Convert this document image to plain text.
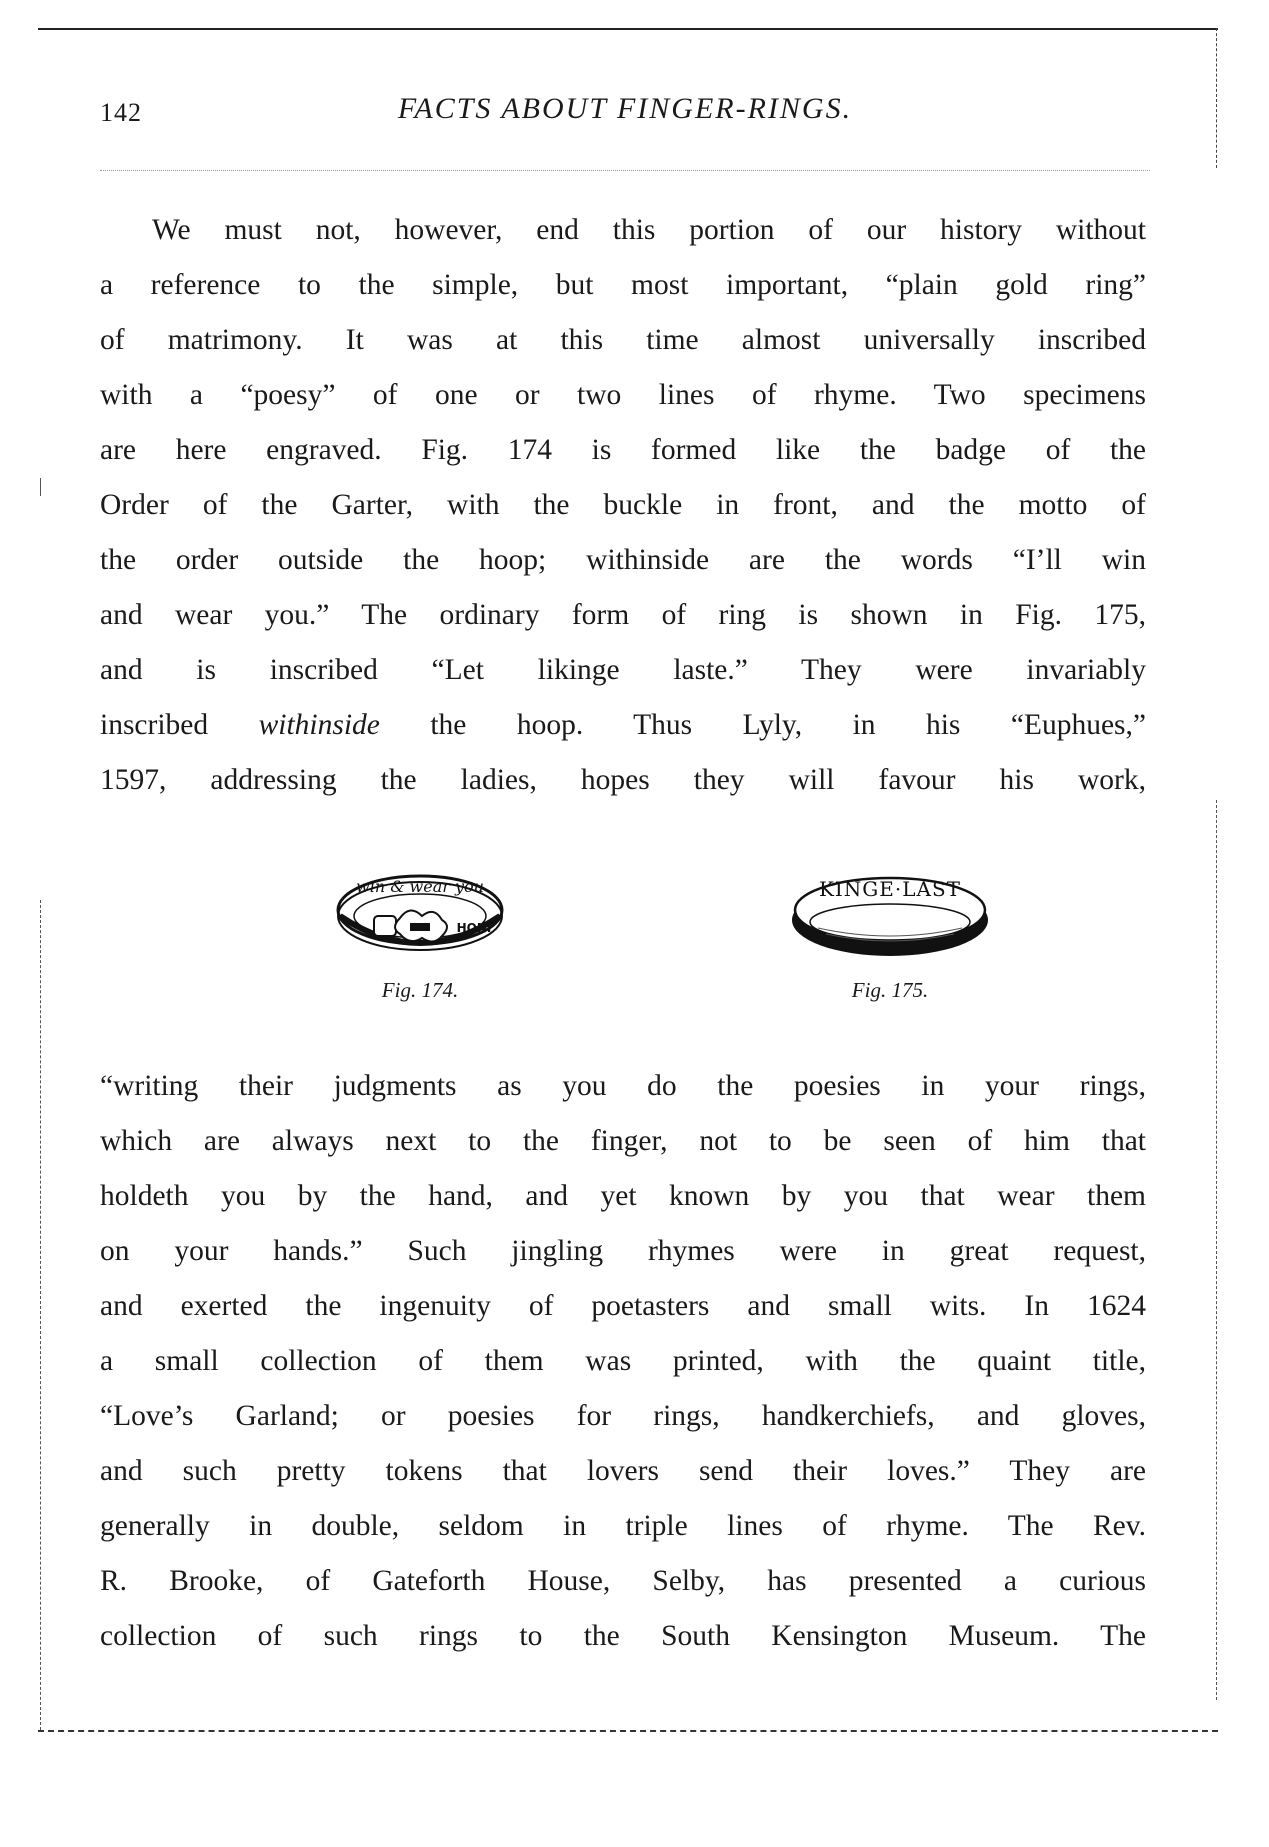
142	FACTS ABOUT FINGER-RINGS.
We must not, however, end this portion of our history without
a reference to the simple, but most important, “plain gold ring”
of matrimony. It was at this time almost universally inscribed
with a “poesy” of one or two lines of rhyme. Two specimens
are here engraved. Fig. 174 is formed like the badge of the
Order of the Garter, with the buckle in front, and the motto of
the order outside the hoop; withinside are the words “I’ll win
and wear you.” The ordinary form of ring is shown in Fig. 175,
and is inscribed “Let likinge laste.” They were invariably
inscribed withinside the hoop. Thus Lyly, in his “Euphues,”
1597, addressing the ladies, hopes they will favour his work,
win & wear you
HONI
Fig. 174.
KINGE·LAST
Fig. 175.
“writing their judgments as you do the poesies in your rings,
which are always next to the finger, not to be seen of him that
holdeth you by the hand, and yet known by you that wear them
on your hands.” Such jingling rhymes were in great request,
and exerted the ingenuity of poetasters and small wits. In 1624
a small collection of them was printed, with the quaint title,
“Love’s Garland; or poesies for rings, handkerchiefs, and gloves,
and such pretty tokens that lovers send their loves.” They are
generally in double, seldom in triple lines of rhyme. The Rev.
R. Brooke, of Gateforth House, Selby, has presented a curious
collection of such rings to the South Kensington Museum. The
